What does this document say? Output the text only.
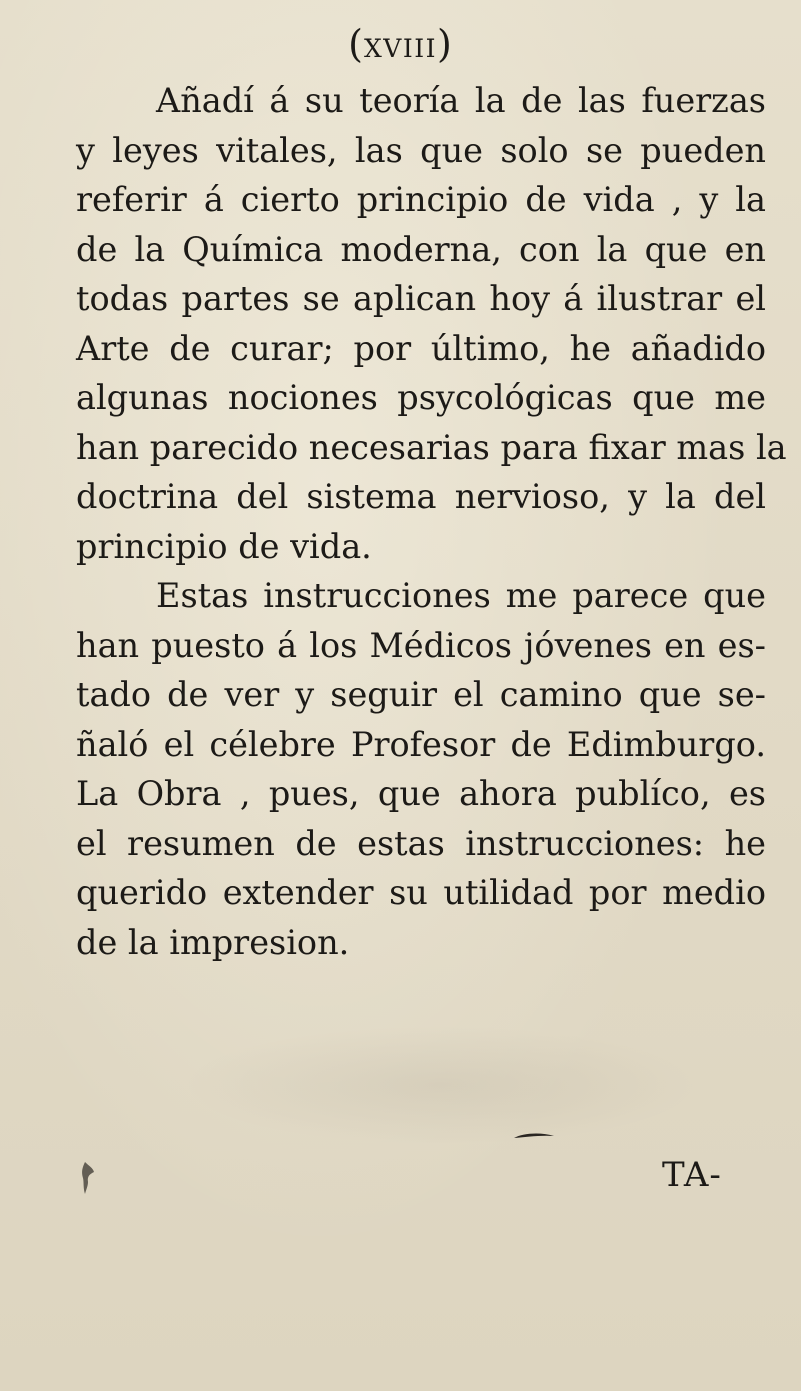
(XVIII)
Añadí á su teoría la de las fuerzas
y leyes vitales, las que solo se pueden
referir á cierto principio de vida , y la
de la Química moderna, con la que en
todas partes se aplican hoy á ilustrar el
Arte de curar; por último, he añadido
algunas nociones psycológicas que me
han parecido necesarias para fixar mas la
doctrina del sistema nervioso, y la del
principio de vida.
Estas instrucciones me parece que
han puesto á los Médicos jóvenes en es-
tado de ver y seguir el camino que se-
ñaló el célebre Profesor de Edimburgo.
La Obra , pues, que ahora publíco, es
el resumen de estas instrucciones: he
querido extender su utilidad por medio
de la impresion.
TA-
